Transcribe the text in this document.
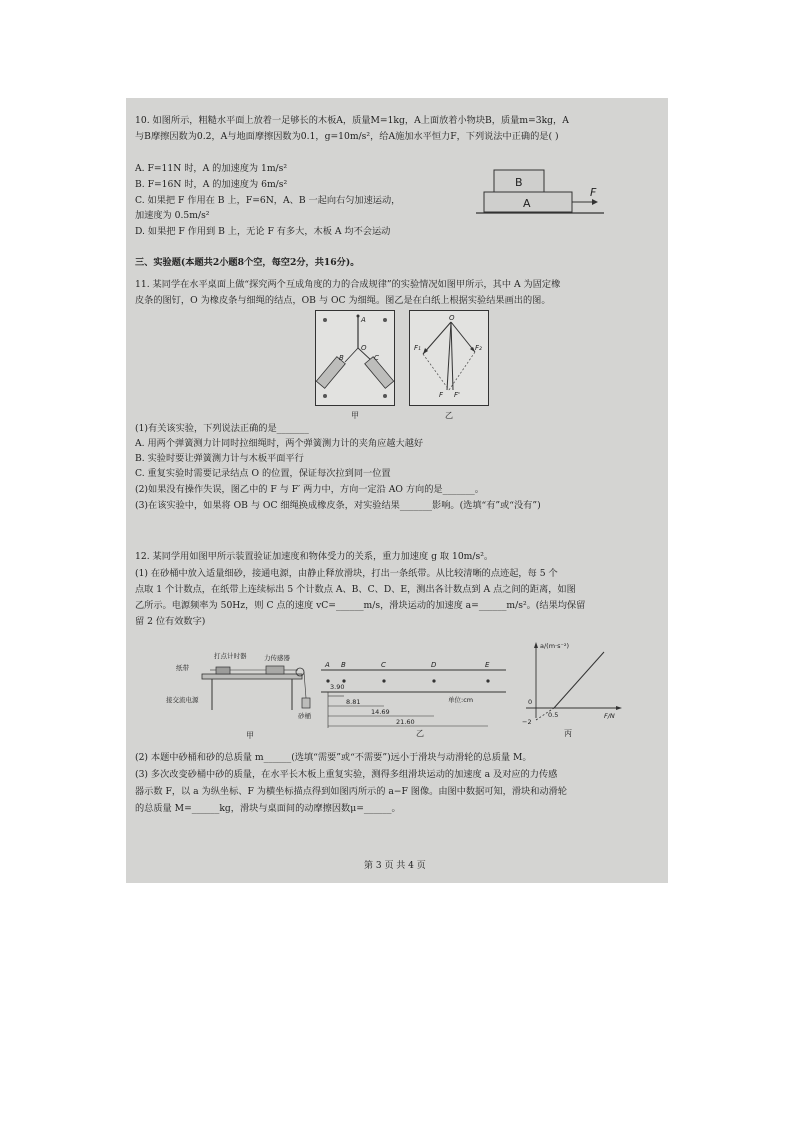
10. 如图所示，粗糙水平面上放着一足够长的木板A，质量M=1kg，A上面放着小物块B，质量m=3kg，A
与B摩擦因数为0.2，A与地面摩擦因数为0.1，g=10m/s²，给A施加水平恒力F，下列说法中正确的是( )
A. F=11N 时，A 的加速度为 1m/s²
B. F=16N 时，A 的加速度为 6m/s²
C. 如果把 F 作用在 B 上，F=6N，A、B 一起向右匀加速运动，
加速度为 0.5m/s²
D. 如果把 F 作用到 B 上，无论 F 有多大，木板 A 均不会运动
B
A
F
三、实验题(本题共2小题8个空，每空2分，共16分)。
11. 某同学在水平桌面上做“探究两个互成角度的力的合成规律”的实验情况如图甲所示，其中 A 为固定橡
皮条的图钉，O 为橡皮条与细绳的结点，OB 与 OC 为细绳。图乙是在白纸上根据实验结果画出的图。
A
O
B	C
甲
O
F₁	F₂
F F'
乙
(1)有关该实验，下列说法正确的是_______
A. 用两个弹簧测力计同时拉细绳时，两个弹簧测力计的夹角应越大越好
B. 实验时要让弹簧测力计与木板平面平行
C. 重复实验时需要记录结点 O 的位置，保证每次拉到同一位置
(2)如果没有操作失误，图乙中的 F 与 F′ 两力中，方向一定沿 AO 方向的是_______。
(3)在该实验中，如果将 OB 与 OC 细绳换成橡皮条，对实验结果_______影响。(选填“有”或“没有”)
12. 某同学用如图甲所示装置验证加速度和物体受力的关系，重力加速度 g 取 10m/s²。
(1) 在砂桶中放入适量细砂，接通电源，由静止释放滑块，打出一条纸带。从比较清晰的点迹起，每 5 个
点取 1 个计数点，在纸带上连续标出 5 个计数点 A、B、C、D、E，测出各计数点到 A 点之间的距离，如图
乙所示。电源频率为 50Hz，则 C 点的速度 vC=______m/s，滑块运动的加速度 a=______m/s²。(结果均保留
留 2 位有效数字)
打点计时器	力传感器
纸带
接交流电源
砂桶
甲
A B	C	D	E
3.90
8.81
14.69
21.60
单位:cm
乙
a/(m·s⁻²)
F/N
0
0.5
−2
丙
(2) 本题中砂桶和砂的总质量 m______(选填“需要”或“不需要”)远小于滑块与动滑轮的总质量 M。
(3) 多次改变砂桶中砂的质量，在水平长木板上重复实验，测得多组滑块运动的加速度 a 及对应的力传感
器示数 F，以 a 为纵坐标、F 为横坐标描点得到如图丙所示的 a−F 图像。由图中数据可知，滑块和动滑轮
的总质量 M=______kg，滑块与桌面间的动摩擦因数μ=______。
第 3 页 共 4 页
